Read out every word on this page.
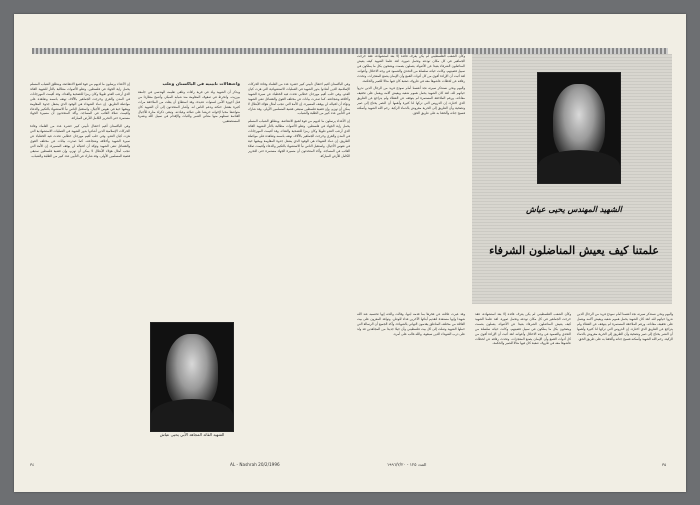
إن الأعداء يرسلون ما لديهم من قوة لقمع الانتفاضة، وينطلق الشباب المسلم يحمل راية الجهاد في فلسطين. وتعلو الأصوات مطالبة بالثأر للشهيد القائد الذي أرعب العدو طويلا وكان رمزا للتضحية والفداء. وقد أقيمت المهرجانات في المدن والقرى وخرجت الجماهير بالآلاف تهتف باسمه وتعاهده على مواصلة الطريق. إن دماء الشهداء هي الوقود الذي يشعل جذوة المقاومة ويبقيها حية في نفوس الأجيال. واستقبل الناس نبأ الاستشهاد بالتكبير والدعاء وأقيمت صلاة الغائب في المساجد. وأكد المتحدثون أن مسيرة الجهاد مستمرة حتى التحرير الكامل للأرض المباركة.

وفي الباكستان أقيم احتفال تأبيني كبير حضره عدد من العلماء وقادة الحركات الإسلامية الذين أشادوا بدور الشهيد في العمليات الاستشهادية التي هزت كيان العدو. وفي حلب أقيم مهرجان خطابي تحدث فيه الخطباء عن سيرة الشهيد وأخلاقه وشجاعته. كما صدرت بيانات عن مختلف القوى والفصائل تنعى الشهيد وتؤكد أن اغتياله لن يوقف المسيرة. إن الأمة التي تنجب أمثال هؤلاء الأبطال لا يمكن أن تهزم، وإن قضية فلسطين ستبقى قضية المسلمين الأولى. وقد شارك في التأبين عدد كبير من الطلبة والشباب.

واحتفالات تأبينية في الباكستان وحلب

ويذكر أن الشهيد ولد في قرية رافات وتلقى تعليمه الهندسي في جامعة بيرزيت، وانخرط في صفوف المقاومة منذ شبابه المبكر، وأصبح مطاردا من قبل أجهزة الأمن لسنوات عديدة. وقد استطاع أن يفلت من الملاحقة مرات كثيرة بفضل حنكته ودعم الناس له. وأشار المتحدثون إلى أن الشهيد كان متواضعا محبا لإخوانه حريصا على صلاته وعبادته. وتبقى ذكراه منارة للأجيال القادمة تستلهم منها معاني الصبر والثبات والإقدام في سبيل الله ونصرة المستضعفين.

وفي الباكستان أقيم احتفال تأبيني كبير حضره عدد من العلماء وقادة الحركات الإسلامية الذين أشادوا بدور الشهيد في العمليات الاستشهادية التي هزت كيان العدو. وفي حلب أقيم مهرجان خطابي تحدث فيه الخطباء عن سيرة الشهيد وأخلاقه وشجاعته. كما صدرت بيانات عن مختلف القوى والفصائل تنعى الشهيد وتؤكد أن اغتياله لن يوقف المسيرة. إن الأمة التي تنجب أمثال هؤلاء الأبطال لا يمكن أن تهزم، وإن قضية فلسطين ستبقى قضية المسلمين الأولى. وقد شارك في التأبين عدد كبير من الطلبة والشباب.

إن الأعداء يرسلون ما لديهم من قوة لقمع الانتفاضة، وينطلق الشباب المسلم يحمل راية الجهاد في فلسطين. وتعلو الأصوات مطالبة بالثأر للشهيد القائد الذي أرعب العدو طويلا وكان رمزا للتضحية والفداء. وقد أقيمت المهرجانات في المدن والقرى وخرجت الجماهير بالآلاف تهتف باسمه وتعاهده على مواصلة الطريق. إن دماء الشهداء هي الوقود الذي يشعل جذوة المقاومة ويبقيها حية في نفوس الأجيال. واستقبل الناس نبأ الاستشهاد بالتكبير والدعاء وأقيمت صلاة الغائب في المساجد. وأكد المتحدثون أن مسيرة الجهاد مستمرة حتى التحرير الكامل للأرض المباركة.

الشهيد القائد المجاهد الأبي يحيى عياش
AL - Nashrah 20/2/1996
٣٤
الشهيد المهندس يحيى عياش
علمتنا كيف يعيش المناضلون الشرفاء

وكأن الشعب الفلسطيني لم يكن يعرف قائده إلا بعد استشهاده، فقد خرجت الجماهير في كل مكان تودعه وتحمل صوره. لقد علمنا الشهيد كيف يعيش المناضلون الشرفاء بعيدا عن الأضواء، يعملون بصمت ويضحون بكل ما يملكون في سبيل قضيتهم. وكانت حياته سلسلة من التحدي والصمود في وجه الاحتلال وأعوانه. لقد أثبت أن الإرادة أقوى من كل أدوات القمع وأن الإيمان يصنع المعجزات. وتحدث رفاقه عن لحظات عاشوها معه في ظروف صعبة كان فيها مثالا للصبر والحكمة.

واليوم ونحن نستذكر سيرته نجد أنفسنا أمام نموذج فريد من الرجال الذين نذروا حياتهم لله. لقد كان الشهيد يحمل هموم شعبه ويعيش آلامه ويعمل على تخفيف معاناته. ورغم الملاحقة المستمرة لم يتوقف عن العطاء ولم يتراجع عن الطريق الذي اختاره. إن الدروس التي تركها لنا كثيرة وأهمها أن النصر يحتاج إلى صبر وتضحية وأن الطريق إلى الحرية مفروش بالدماء الزكية. رحم الله الشهيد وأسكنه فسيح جناته وألحقنا به على طريق الحق.

وقد عبرت عائلته عن فخرها بما قدمه ابنها، وقالت والدته إنها تحتسبه عند الله شهيدا وإنها مستعدة لتقديم أبنائها الآخرين فداء للوطن. وتوافد المعزون على بيت العائلة من مختلف المناطق يقدمون التهاني بالشهادة. وأكد الجميع أن الرسالة التي حملها الشهيد وصلت إلى كل بيت فلسطيني وأن جيلا جديدا من المجاهدين قد ولد على درب الشهداء الذين سبقوه، والله غالب على أمره.

وكأن الشعب الفلسطيني لم يكن يعرف قائده إلا بعد استشهاده، فقد خرجت الجماهير في كل مكان تودعه وتحمل صوره. لقد علمنا الشهيد كيف يعيش المناضلون الشرفاء بعيدا عن الأضواء، يعملون بصمت ويضحون بكل ما يملكون في سبيل قضيتهم. وكانت حياته سلسلة من التحدي والصمود في وجه الاحتلال وأعوانه. لقد أثبت أن الإرادة أقوى من كل أدوات القمع وأن الإيمان يصنع المعجزات. وتحدث رفاقه عن لحظات عاشوها معه في ظروف صعبة كان فيها مثالا للصبر والحكمة.

واليوم ونحن نستذكر سيرته نجد أنفسنا أمام نموذج فريد من الرجال الذين نذروا حياتهم لله. لقد كان الشهيد يحمل هموم شعبه ويعيش آلامه ويعمل على تخفيف معاناته. ورغم الملاحقة المستمرة لم يتوقف عن العطاء ولم يتراجع عن الطريق الذي اختاره. إن الدروس التي تركها لنا كثيرة وأهمها أن النصر يحتاج إلى صبر وتضحية وأن الطريق إلى الحرية مفروش بالدماء الزكية. رحم الله الشهيد وأسكنه فسيح جناته وألحقنا به على طريق الحق.

العدد ١٢٥ - ١٩٩٦/٢/٢٠	٣٥
